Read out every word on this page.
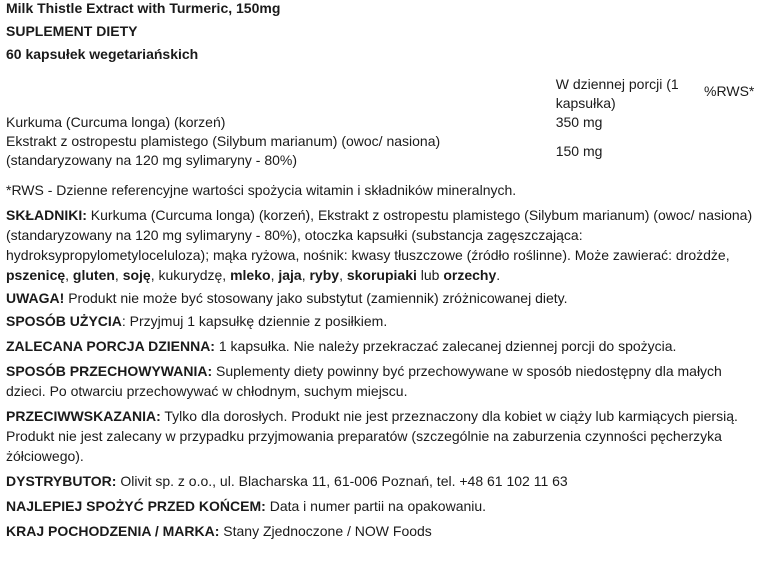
Milk Thistle Extract with Turmeric, 150mg
SUPLEMENT DIETY
60 kapsułek wegetariańskich
	W dziennej porcji (1 kapsułka)	%RWS*
Kurkuma (Curcuma longa) (korzeń)	350 mg	
Ekstrakt z ostropestu plamistego (Silybum marianum) (owoc/ nasiona) (standaryzowany na 120 mg sylimaryny - 80%)	150 mg	
*RWS - Dzienne referencyjne wartości spożycia witamin i składników mineralnych.
SKŁADNIKI: Kurkuma (Curcuma longa) (korzeń), Ekstrakt z ostropestu plamistego (Silybum marianum) (owoc/ nasiona) (standaryzowany na 120 mg sylimaryny - 80%), otoczka kapsułki (substancja zagęszczająca: hydroksypropylometyloceluloza); mąka ryżowa, nośnik: kwasy tłuszczowe (źródło roślinne). Może zawierać: drożdże, pszenicę, gluten, soję, kukurydzę, mleko, jaja, ryby, skorupiaki lub orzechy.
UWAGA! Produkt nie może być stosowany jako substytut (zamiennik) zróżnicowanej diety.
SPOSÓB UŻYCIA: Przyjmuj 1 kapsułkę dziennie z posiłkiem.
ZALECANA PORCJA DZIENNA: 1 kapsułka. Nie należy przekraczać zalecanej dziennej porcji do spożycia.
SPOSÓB PRZECHOWYWANIA: Suplementy diety powinny być przechowywane w sposób niedostępny dla małych dzieci. Po otwarciu przechowywać w chłodnym, suchym miejscu.
PRZECIWWSKAZANIA: Tylko dla dorosłych. Produkt nie jest przeznaczony dla kobiet w ciąży lub karmiących piersią. Produkt nie jest zalecany w przypadku przyjmowania preparatów (szczególnie na zaburzenia czynności pęcherzyka żółciowego).
DYSTRYBUTOR: Olivit sp. z o.o., ul. Blacharska 11, 61-006 Poznań, tel. +48 61 102 11 63
NAJLEPIEJ SPOŻYĆ PRZED KOŃCEM: Data i numer partii na opakowaniu.
KRAJ POCHODZENIA / MARKA: Stany Zjednoczone / NOW Foods
